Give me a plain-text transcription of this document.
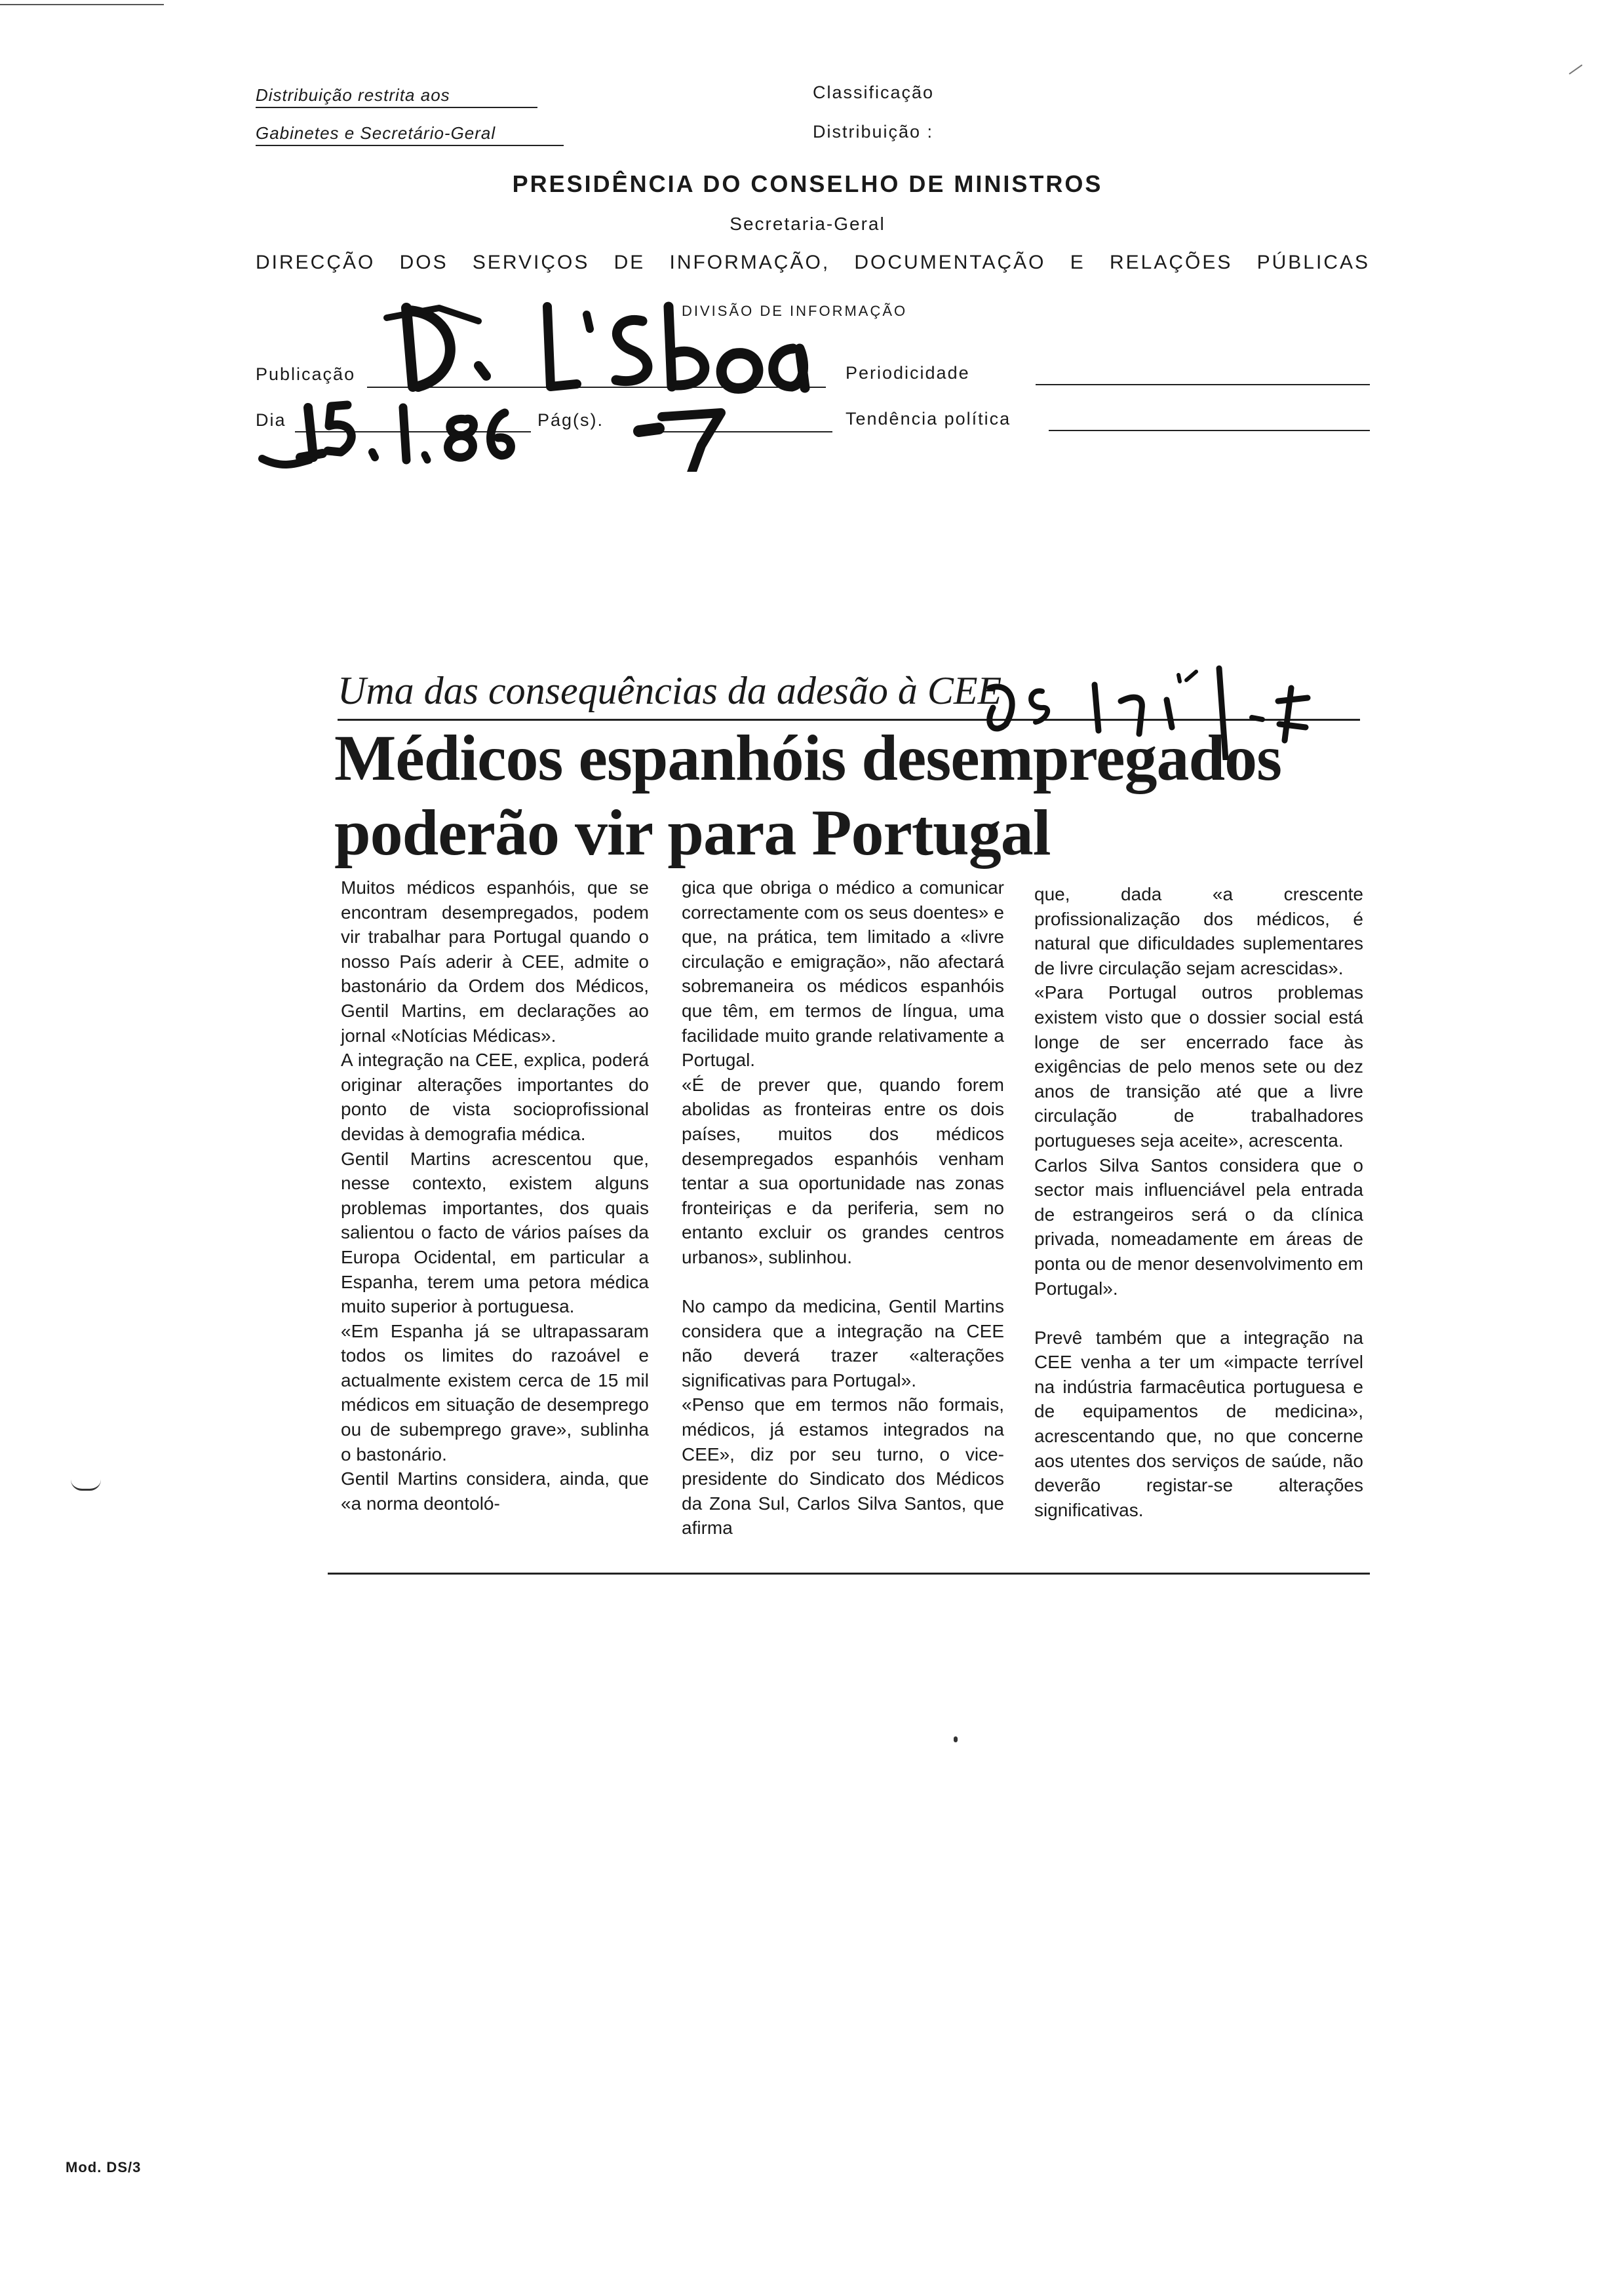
Distribuição restrita aos
Gabinetes e Secretário-Geral
Classificação
Distribuição :
PRESIDÊNCIA DO CONSELHO DE MINISTROS
Secretaria-Geral
DIRECÇÃO DOS SERVIÇOS DE INFORMAÇÃO, DOCUMENTAÇÃO E RELAÇÕES PÚBLICAS
DIVISÃO DE INFORMAÇÃO
Publicação	Periodicidade
Dia	Pág(s).	Tendência política
Uma das consequências da adesão à CEE
Médicos espanhóis desempregados
poderão vir para Portugal
Muitos médicos espanhóis, que se encontram desempregados, podem vir trabalhar para Portugal quando o nosso País aderir à CEE, admite o bastonário da Ordem dos Médicos, Gentil Martins, em declarações ao jornal «Notícias Médicas».
A integração na CEE, explica, poderá originar alterações importantes do ponto de vista socioprofissional devidas à demografia médica.
Gentil Martins acrescentou que, nesse contexto, existem alguns problemas importantes, dos quais salientou o facto de vários países da Europa Ocidental, em particular a Espanha, terem uma petora médica muito superior à portuguesa.
«Em Espanha já se ultrapassaram todos os limites do razoável e actualmente existem cerca de 15 mil médicos em situação de desemprego ou de subemprego grave», sublinha o bastonário.
Gentil Martins considera, ainda, que «a norma deontoló-
gica que obriga o médico a comunicar correctamente com os seus doentes» e que, na prática, tem limitado a «livre circulação e emigração», não afectará sobremaneira os médicos espanhóis que têm, em termos de língua, uma facilidade muito grande relativamente a Portugal.
«É de prever que, quando forem abolidas as fronteiras entre os dois países, muitos dos médicos desempregados espanhóis venham tentar a sua oportunidade nas zonas fronteiriças e da periferia, sem no entanto excluir os grandes centros urbanos», sublinhou.

No campo da medicina, Gentil Martins considera que a integração na CEE não deverá trazer «alterações significativas para Portugal».
«Penso que em termos não formais, médicos, já estamos integrados na CEE», diz por seu turno, o vice-presidente do Sindicato dos Médicos da Zona Sul, Carlos Silva Santos, que afirma
que, dada «a crescente profissionalização dos médicos, é natural que dificuldades suplementares de livre circulação sejam acrescidas».
«Para Portugal outros problemas existem visto que o dossier social está longe de ser encerrado face às exigências de pelo menos sete ou dez anos de transição até que a livre circulação de trabalhadores portugueses seja aceite», acrescenta.
Carlos Silva Santos considera que o sector mais influenciável pela entrada de estrangeiros será o da clínica privada, nomeadamente em áreas de ponta ou de menor desenvolvimento em Portugal».

Prevê também que a integração na CEE venha a ter um «impacte terrível na indústria farmacêutica portuguesa e de equipamentos de medicina», acrescentando que, no que concerne aos utentes dos serviços de saúde, não deverão registar-se alterações significativas.
Mod. DS/3
